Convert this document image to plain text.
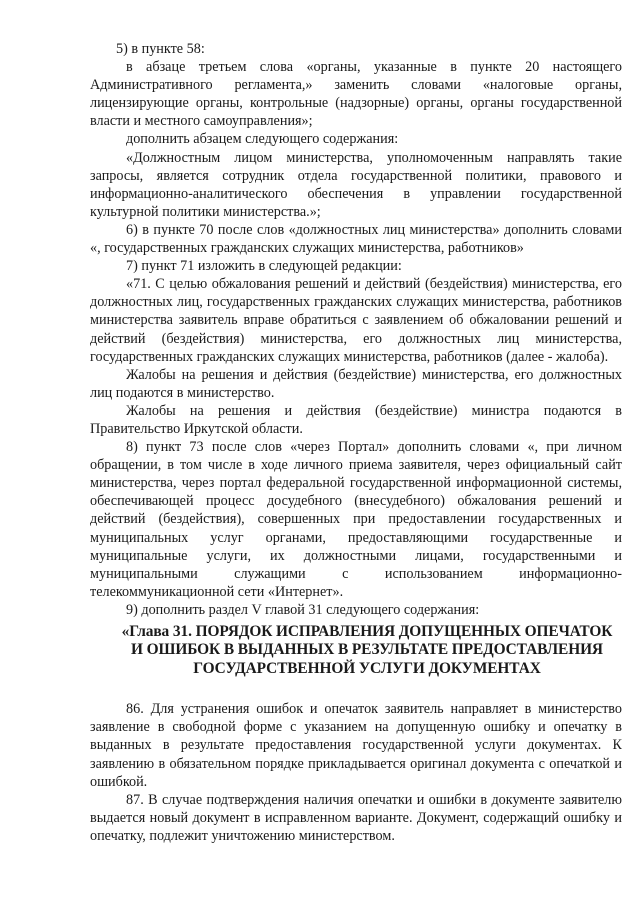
5) в пункте 58:

в абзаце третьем слова «органы, указанные в пункте 20 настоящего Административного регламента,» заменить словами «налоговые органы, лицензирующие органы, контрольные (надзорные) органы, органы государственной власти и местного самоуправления»;

дополнить абзацем следующего содержания:

«Должностным лицом министерства, уполномоченным направлять такие запросы, является сотрудник отдела государственной политики, правового и информационно-аналитического обеспечения в управлении государственной культурной политики министерства.»;

6) в пункте 70 после слов «должностных лиц министерства» дополнить словами «, государственных гражданских служащих министерства, работников»

7) пункт 71 изложить в следующей редакции:

«71. С целью обжалования решений и действий (бездействия) министерства, его должностных лиц, государственных гражданских служащих министерства, работников министерства заявитель вправе обратиться с заявлением об обжаловании решений и действий (бездействия) министерства, его должностных лиц министерства, государственных гражданских служащих министерства, работников (далее - жалоба).

Жалобы на решения и действия (бездействие) министерства, его должностных лиц подаются в министерство.

Жалобы на решения и действия (бездействие) министра подаются в Правительство Иркутской области.

8) пункт 73 после слов «через Портал» дополнить словами «, при личном обращении, в том числе в ходе личного приема заявителя, через официальный сайт министерства, через портал федеральной государственной информационной системы, обеспечивающей процесс досудебного (внесудебного) обжалования решений и действий (бездействия), совершенных при предоставлении государственных и муниципальных услуг органами, предоставляющими государственные и муниципальные услуги, их должностными лицами, государственными и муниципальными служащими с использованием информационно-телекоммуникационной сети «Интернет».

9) дополнить раздел V главой 31 следующего содержания:

«Глава 31. ПОРЯДОК ИСПРАВЛЕНИЯ ДОПУЩЕННЫХ ОПЕЧАТОК И ОШИБОК В ВЫДАННЫХ В РЕЗУЛЬТАТЕ ПРЕДОСТАВЛЕНИЯ ГОСУДАРСТВЕННОЙ УСЛУГИ ДОКУМЕНТАХ

86. Для устранения ошибок и опечаток заявитель направляет в министерство заявление в свободной форме с указанием на допущенную ошибку и опечатку в выданных в результате предоставления государственной услуги документах. К заявлению в обязательном порядке прикладывается оригинал документа с опечаткой и ошибкой.

87. В случае подтверждения наличия опечатки и ошибки в документе заявителю выдается новый документ в исправленном варианте. Документ, содержащий ошибку и опечатку, подлежит уничтожению министерством.
